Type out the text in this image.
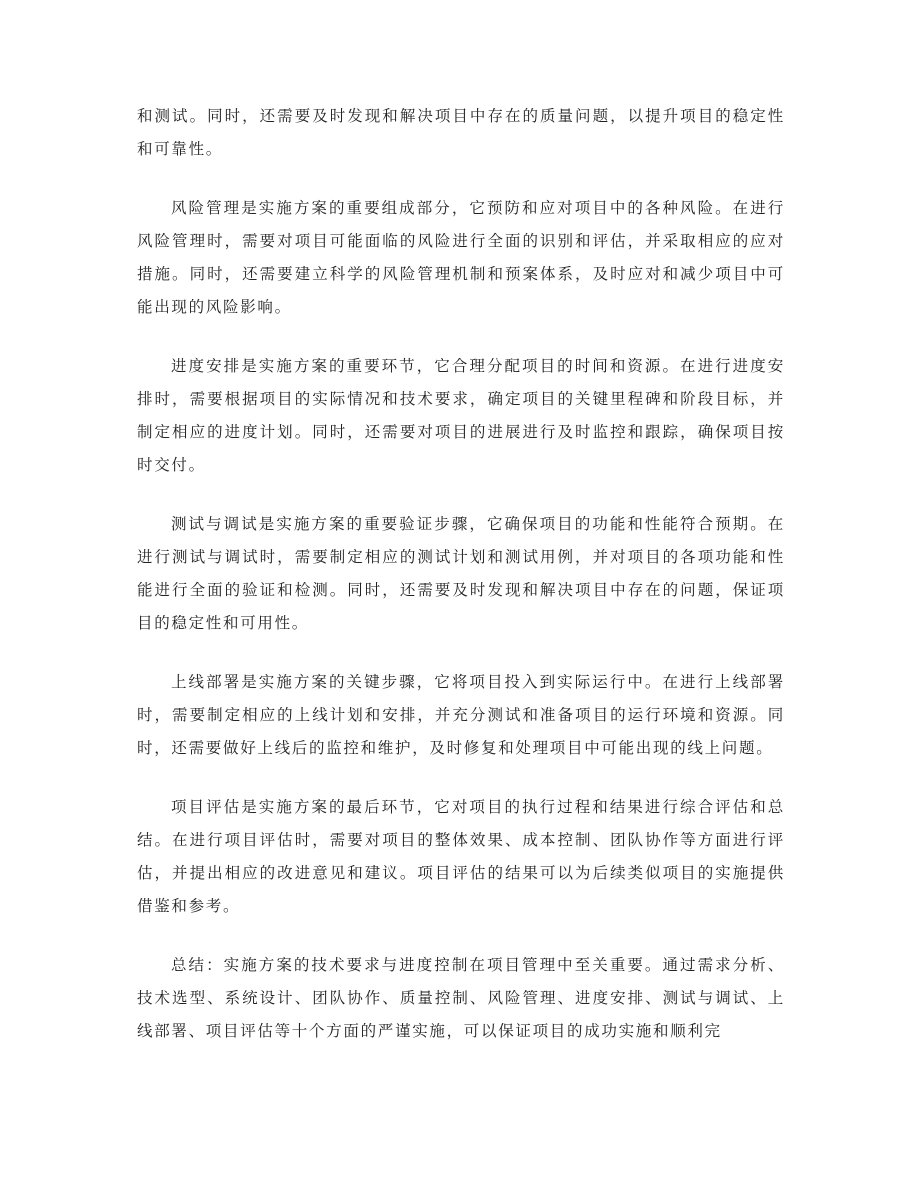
和测试。同时，还需要及时发现和解决项目中存在的质量问题，以提升项目的稳定性和可靠性。

风险管理是实施方案的重要组成部分，它预防和应对项目中的各种风险。在进行风险管理时，需要对项目可能面临的风险进行全面的识别和评估，并采取相应的应对措施。同时，还需要建立科学的风险管理机制和预案体系，及时应对和减少项目中可能出现的风险影响。

进度安排是实施方案的重要环节，它合理分配项目的时间和资源。在进行进度安排时，需要根据项目的实际情况和技术要求，确定项目的关键里程碑和阶段目标，并制定相应的进度计划。同时，还需要对项目的进展进行及时监控和跟踪，确保项目按时交付。

测试与调试是实施方案的重要验证步骤，它确保项目的功能和性能符合预期。在进行测试与调试时，需要制定相应的测试计划和测试用例，并对项目的各项功能和性能进行全面的验证和检测。同时，还需要及时发现和解决项目中存在的问题，保证项目的稳定性和可用性。

上线部署是实施方案的关键步骤，它将项目投入到实际运行中。在进行上线部署时，需要制定相应的上线计划和安排，并充分测试和准备项目的运行环境和资源。同时，还需要做好上线后的监控和维护，及时修复和处理项目中可能出现的线上问题。

项目评估是实施方案的最后环节，它对项目的执行过程和结果进行综合评估和总结。在进行项目评估时，需要对项目的整体效果、成本控制、团队协作等方面进行评估，并提出相应的改进意见和建议。项目评估的结果可以为后续类似项目的实施提供借鉴和参考。

总结：实施方案的技术要求与进度控制在项目管理中至关重要。通过需求分析、技术选型、系统设计、团队协作、质量控制、风险管理、进度安排、测试与调试、上线部署、项目评估等十个方面的严谨实施，可以保证项目的成功实施和顺利完
